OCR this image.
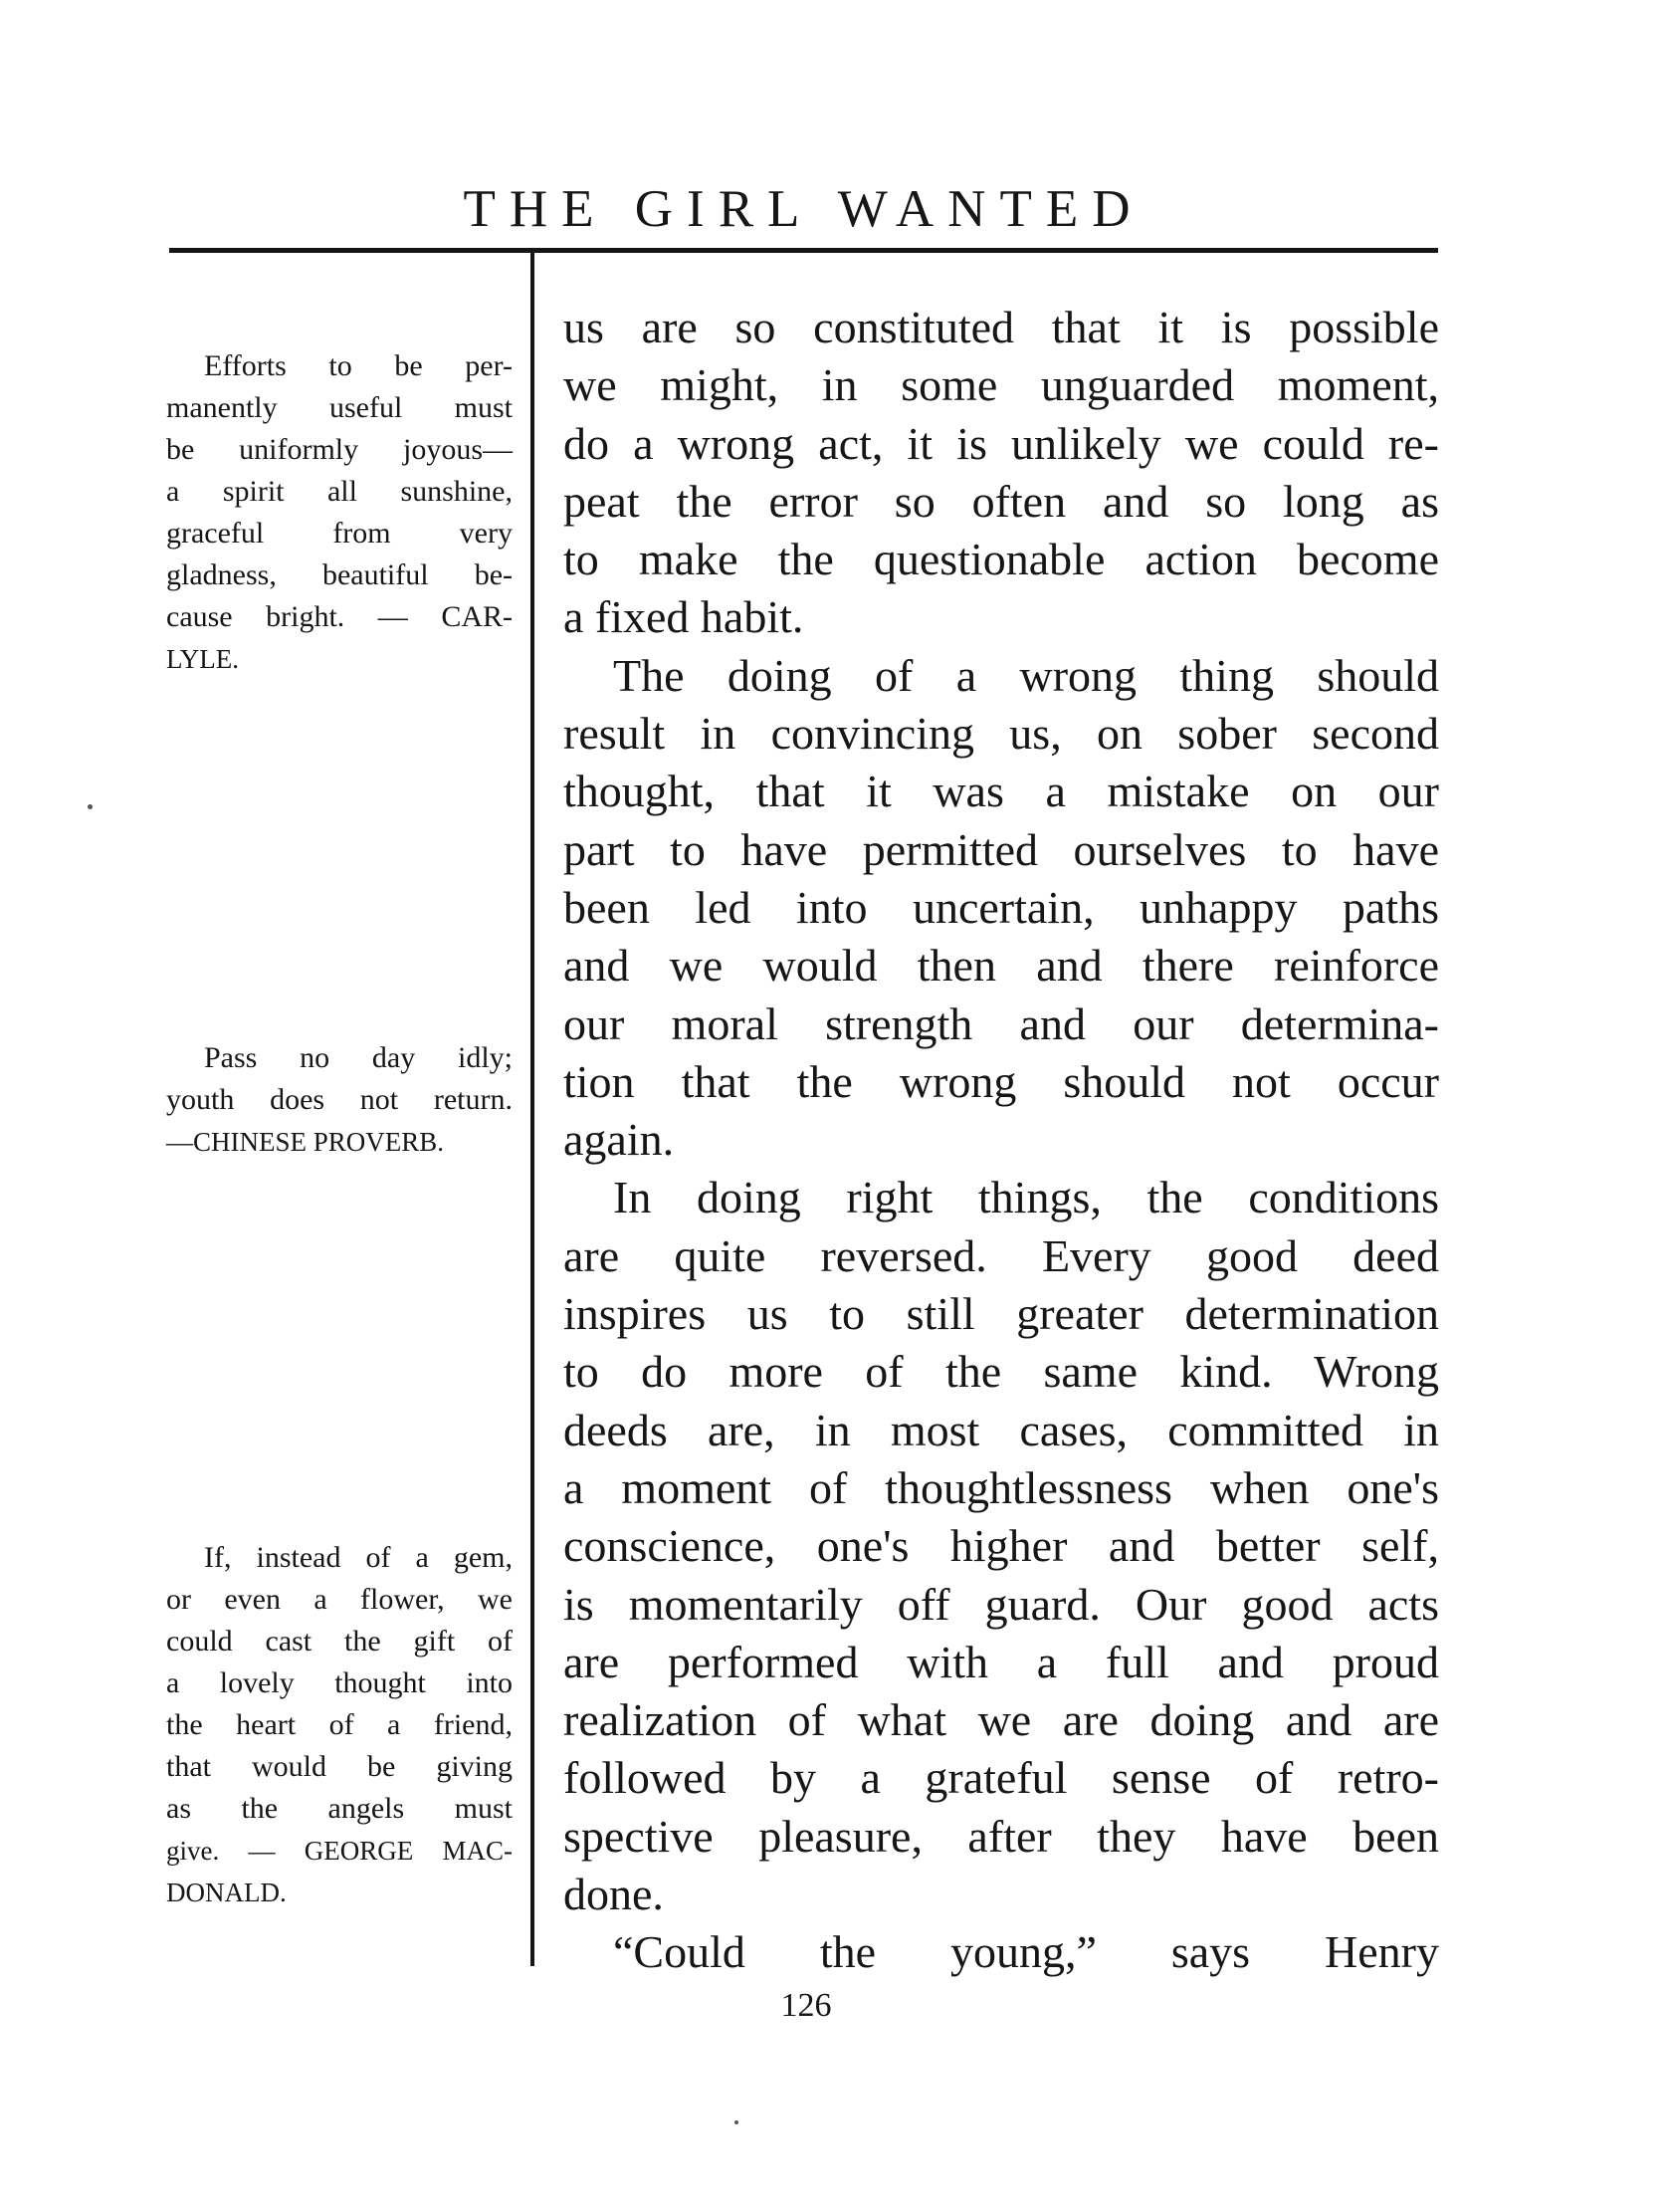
THE GIRL WANTED
Efforts to be per-
manently useful must
be uniformly joyous—
a spirit all sunshine,
graceful from very
gladness, beautiful be-
cause bright. — CAR-
LYLE.
Pass no day idly;
youth does not return.
—CHINESE PROVERB.
If, instead of a gem,
or even a flower, we
could cast the gift of
a lovely thought into
the heart of a friend,
that would be giving
as the angels must
give. — GEORGE MAC-
DONALD.
us are so constituted that it is possible
we might, in some unguarded moment,
do a wrong act, it is unlikely we could re-
peat the error so often and so long as
to make the questionable action become
a fixed habit.
The doing of a wrong thing should
result in convincing us, on sober second
thought, that it was a mistake on our
part to have permitted ourselves to have
been led into uncertain, unhappy paths
and we would then and there reinforce
our moral strength and our determina-
tion that the wrong should not occur
again.
In doing right things, the conditions
are quite reversed. Every good deed
inspires us to still greater determination
to do more of the same kind. Wrong
deeds are, in most cases, committed in
a moment of thoughtlessness when one's
conscience, one's higher and better self,
is momentarily off guard. Our good acts
are performed with a full and proud
realization of what we are doing and are
followed by a grateful sense of retro-
spective pleasure, after they have been
done.
“Could the young,” says Henry
126
